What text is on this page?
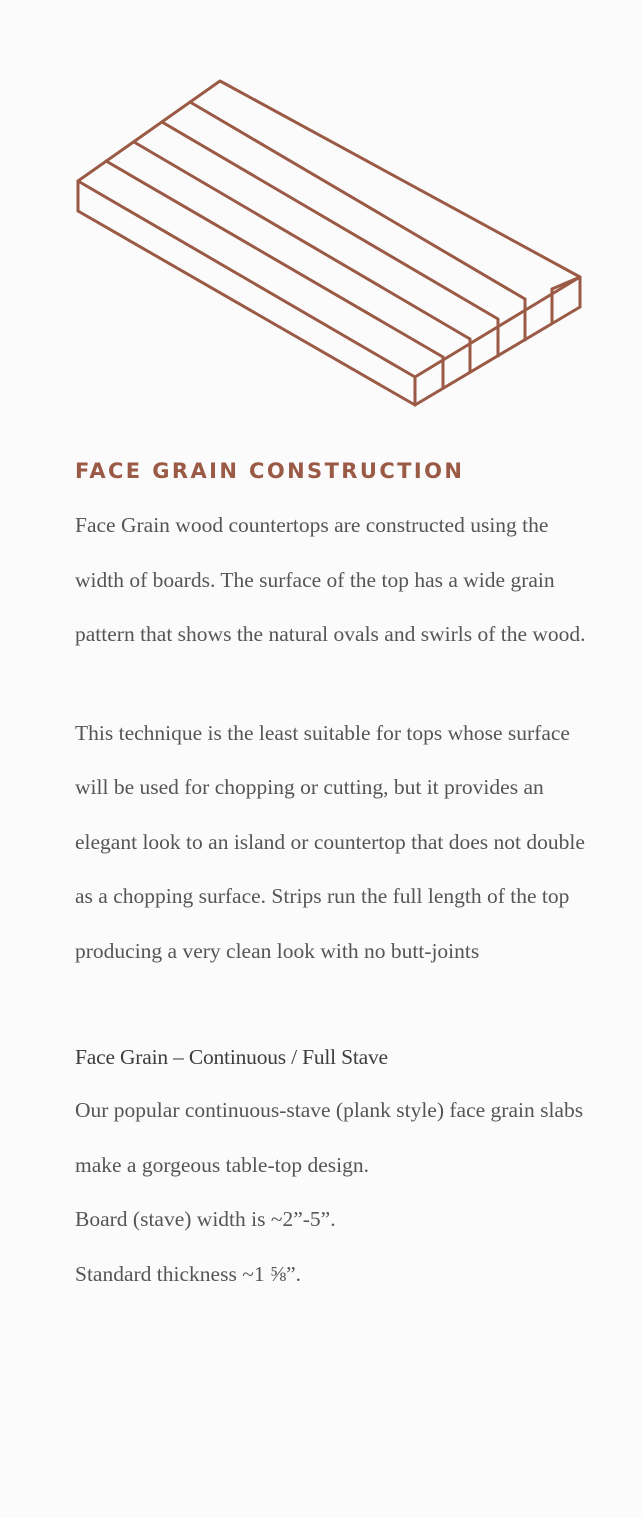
FACE GRAIN CONSTRUCTION

Face Grain wood countertops are constructed using the width of boards. The surface of the top has a wide grain pattern that shows the natural ovals and swirls of the wood.

This technique is the least suitable for tops whose surface will be used for chopping or cutting, but it provides an elegant look to an island or countertop that does not double as a chopping surface. Strips run the full length of the top producing a very clean look with no butt-joints

Face Grain – Continuous / Full Stave

Our popular continuous-stave (plank style) face grain slabs make a gorgeous table-top design.

Board (stave) width is ~2”-5”.

Standard thickness ~1 ⅝”.
